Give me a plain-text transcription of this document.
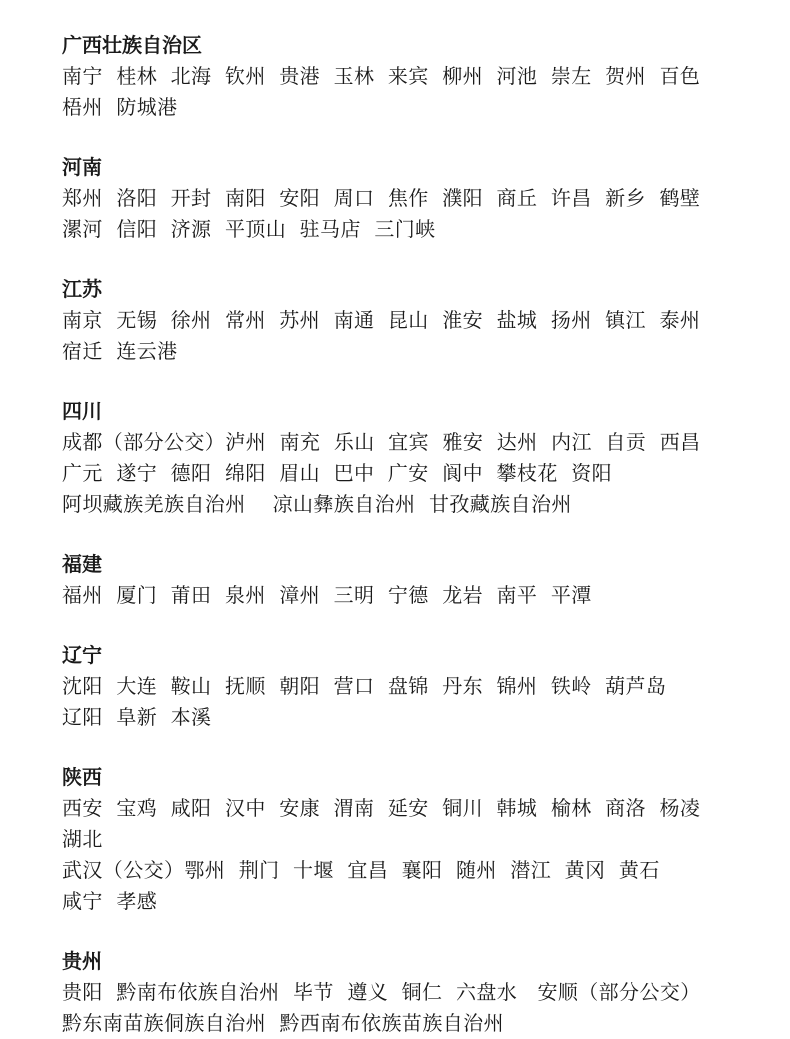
广西壮族自治区
南宁  桂林  北海  钦州  贵港  玉林  来宾  柳州  河池  崇左  贺州  百色
梧州  防城港
河南
郑州  洛阳  开封  南阳  安阳  周口  焦作  濮阳  商丘  许昌  新乡  鹤壁
漯河  信阳  济源  平顶山  驻马店  三门峡
江苏
南京  无锡  徐州  常州  苏州  南通  昆山  淮安  盐城  扬州  镇江  泰州
宿迁  连云港
四川
成都（部分公交）泸州  南充  乐山  宜宾  雅安  达州  内江  自贡  西昌
广元  遂宁  德阳  绵阳  眉山  巴中  广安  阆中  攀枝花  资阳
阿坝藏族羌族自治州    凉山彝族自治州  甘孜藏族自治州
福建
福州  厦门  莆田  泉州  漳州  三明  宁德  龙岩  南平  平潭
辽宁
沈阳  大连  鞍山  抚顺  朝阳  营口  盘锦  丹东  锦州  铁岭  葫芦岛
辽阳  阜新  本溪
陕西
西安  宝鸡  咸阳  汉中  安康  渭南  延安  铜川  韩城  榆林  商洛  杨凌
湖北
武汉（公交）鄂州  荆门  十堰  宜昌  襄阳  随州  潜江  黄冈  黄石
咸宁  孝感
贵州
贵阳  黔南布依族自治州  毕节  遵义  铜仁  六盘水   安顺（部分公交）
黔东南苗族侗族自治州  黔西南布依族苗族自治州
